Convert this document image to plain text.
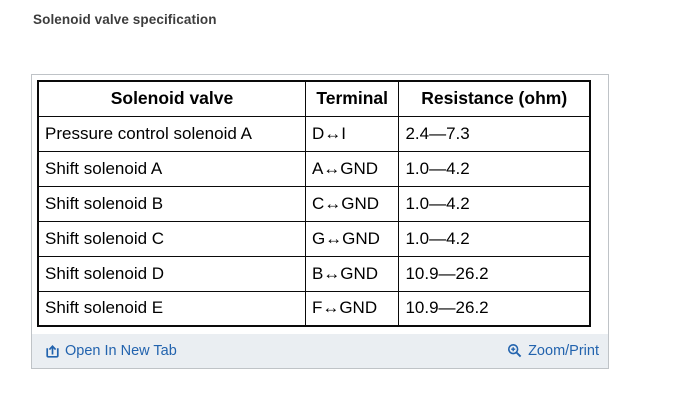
Solenoid valve specification
Solenoid valve	Terminal	Resistance (ohm)
Pressure control solenoid A	D↔I	2.4—7.3
Shift solenoid A	A↔GND	1.0—4.2
Shift solenoid B	C↔GND	1.0—4.2
Shift solenoid C	G↔GND	1.0—4.2
Shift solenoid D	B↔GND	10.9—26.2
Shift solenoid E	F↔GND	10.9—26.2
Open In New Tab	Zoom/Print
